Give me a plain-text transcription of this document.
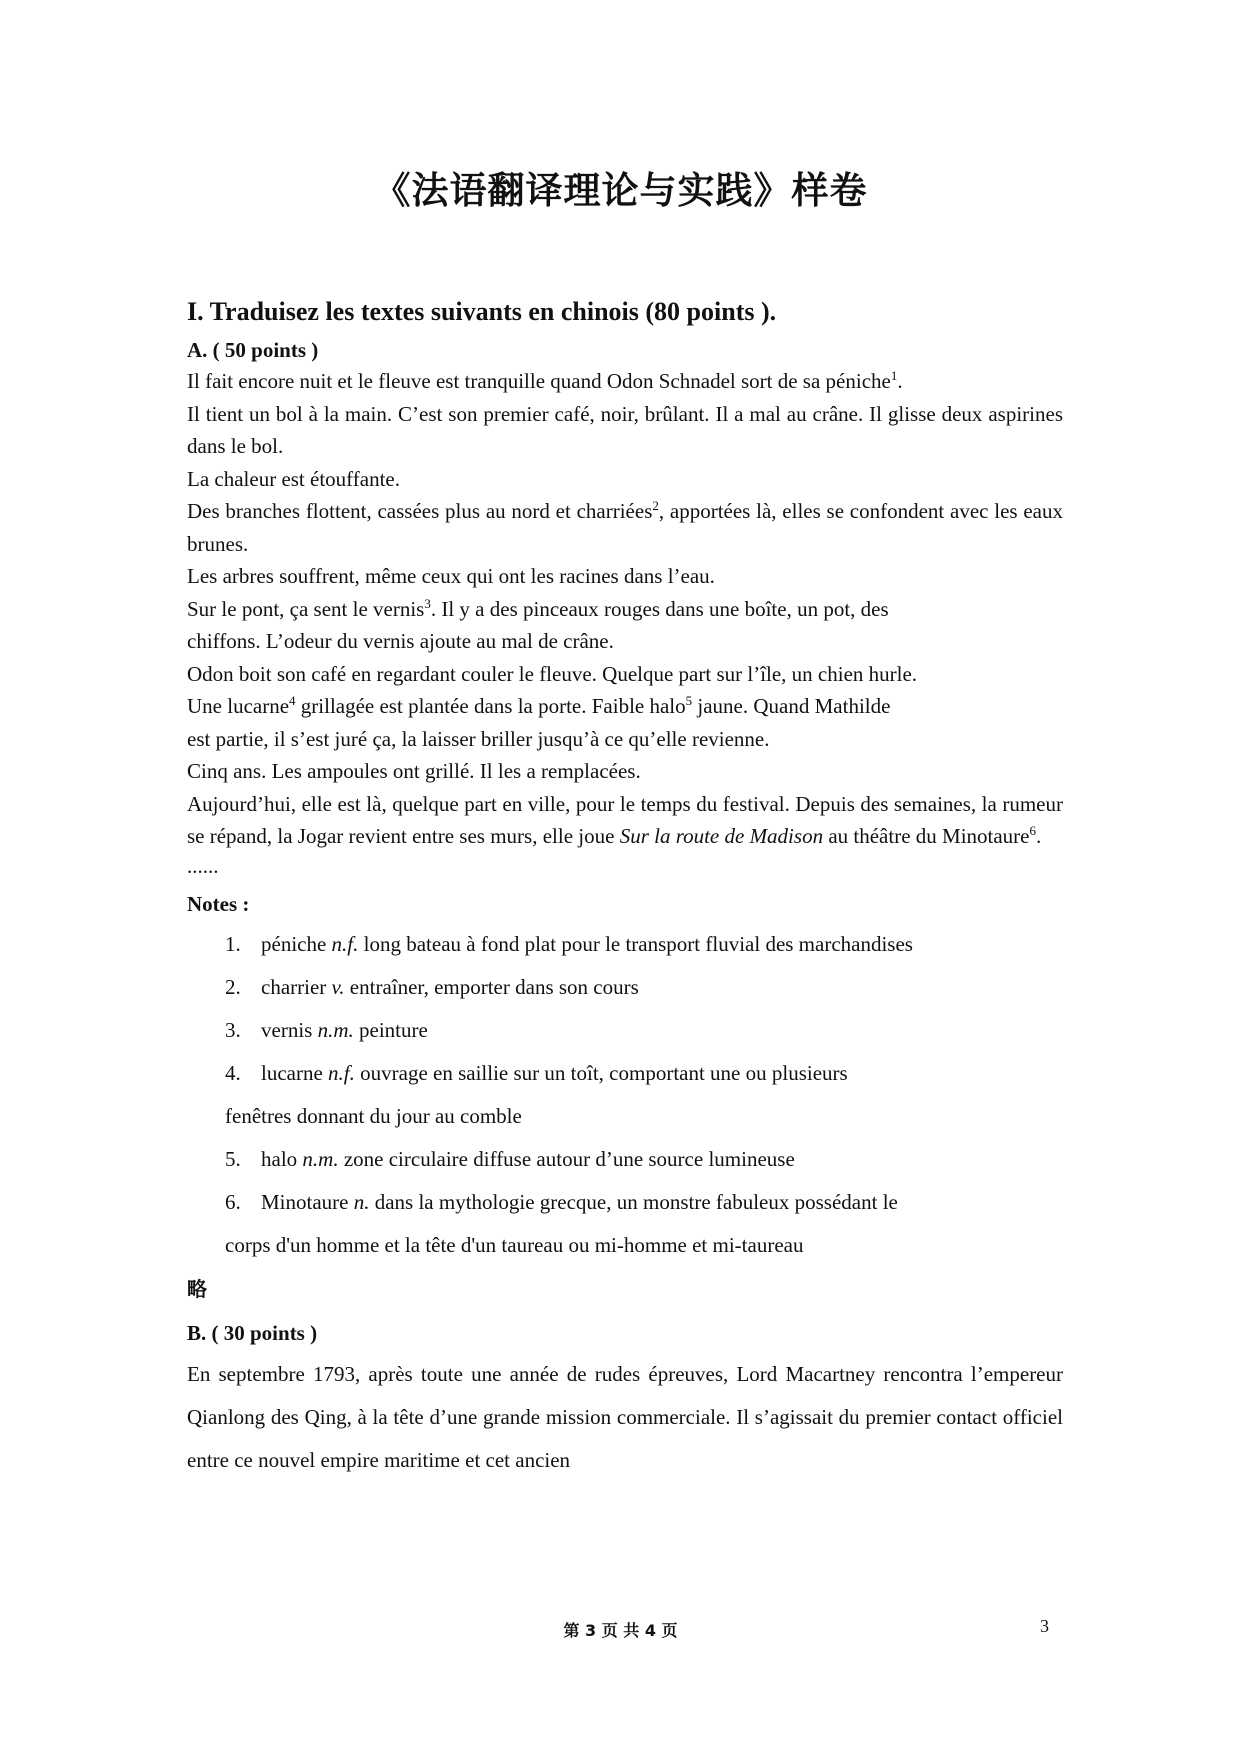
《法语翻译理论与实践》样卷
I. Traduisez les textes suivants en chinois (80 points ).
A. ( 50 points )

Il fait encore nuit et le fleuve est tranquille quand Odon Schnadel sort de sa péniche$^1$.

Il tient un bol à la main. C’est son premier café, noir, brûlant. Il a mal au crâne. Il glisse deux aspirines dans le bol.

La chaleur est étouffante.

Des branches flottent, cassées plus au nord et charriées$^2$, apportées là, elles se confondent avec les eaux brunes.

Les arbres souffrent, même ceux qui ont les racines dans l’eau.

Sur le pont, ça sent le vernis$^3$. Il y a des pinceaux rouges dans une boîte, un pot, des
chiffons. L’odeur du vernis ajoute au mal de crâne.

Odon boit son café en regardant couler le fleuve. Quelque part sur l’île, un chien hurle.

Une lucarne$^4$ grillagée est plantée dans la porte. Faible halo$^5$ jaune. Quand Mathilde
est partie, il s’est juré ça, la laisser briller jusqu’à ce qu’elle revienne.

Cinq ans. Les ampoules ont grillé. Il les a remplacées.

Aujourd’hui, elle est là, quelque part en ville, pour le temps du festival. Depuis des semaines, la rumeur se répand, la Jogar revient entre ses murs, elle joue Sur la route de Madison au théâtre du Minotaure$^6$.

......

Notes :
1. péniche n.f. long bateau à fond plat pour le transport fluvial des marchandises
2. charrier v. entraîner, emporter dans son cours
3. vernis n.m. peinture
4. lucarne n.f. ouvrage en saillie sur un toît, comportant une ou plusieurs
fenêtres donnant du jour au comble
5. halo n.m. zone circulaire diffuse autour d’une source lumineuse
6. Minotaure n. dans la mythologie grecque, un monstre fabuleux possédant le
corps d'un homme et la tête d'un taureau ou mi-homme et mi-taureau

略

B. ( 30 points )

En septembre 1793, après toute une année de rudes épreuves, Lord Macartney rencontra l’empereur Qianlong des Qing, à la tête d’une grande mission commerciale. Il s’agissait du premier contact officiel entre ce nouvel empire maritime et cet ancien

第 3 页 共 4 页	3
